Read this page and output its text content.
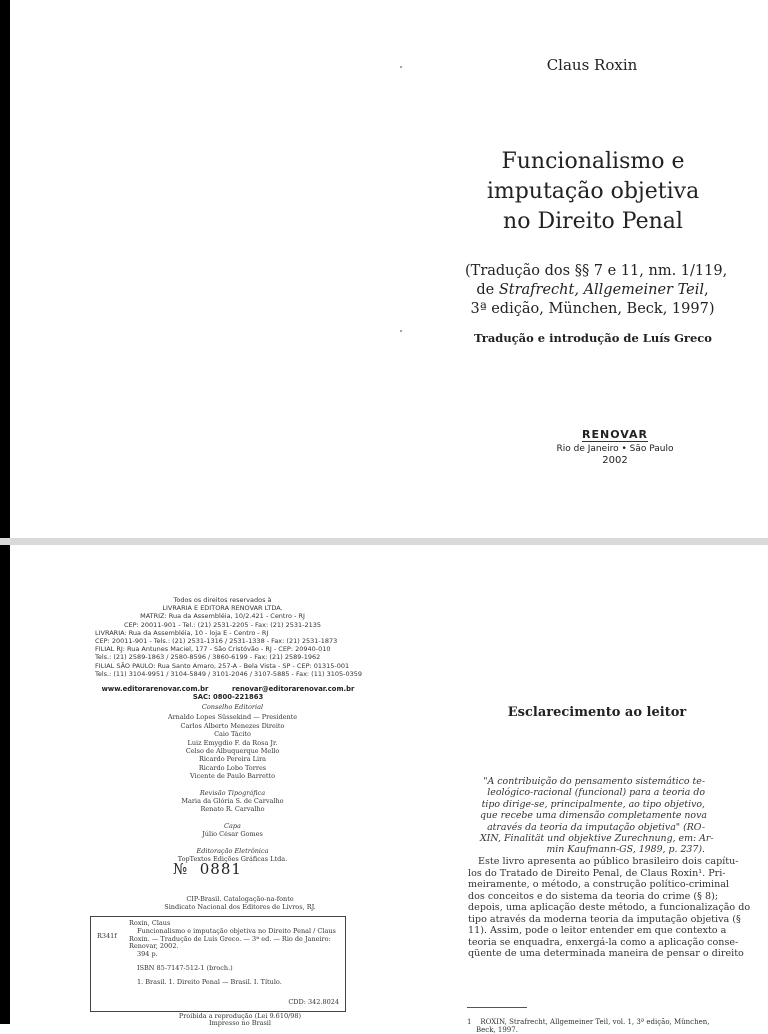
Claus Roxin
Funcionalismo e
imputação objetiva
no Direito Penal
(Tradução dos §§ 7 e 11, nm. 1/119,
de Strafrecht, Allgemeiner Teil,
3ª edição, München, Beck, 1997)
Tradução e introdução de Luís Greco
RENOVAR
Rio de Janeiro • São Paulo
2002
Todos os direitos reservados à
LIVRARIA E EDITORA RENOVAR LTDA.
MATRIZ: Rua da Assembléia, 10/2.421 - Centro - RJ
CEP: 20011-901 - Tel.: (21) 2531-2205 - Fax: (21) 2531-2135
LIVRARIA: Rua da Assembléia, 10 - loja E - Centro - RJ
CEP: 20011-901 - Tels.: (21) 2531-1316 / 2531-1338 - Fax: (21) 2531-1873
FILIAL RJ: Rua Antunes Maciel, 177 - São Cristóvão - RJ - CEP: 20940-010
Tels.: (21) 2589-1863 / 2580-8596 / 3860-6199 - Fax: (21) 2589-1962
FILIAL SÃO PAULO: Rua Santo Amaro, 257-A - Bela Vista - SP - CEP: 01315-001
Tels.: (11) 3104-9951 / 3104-5849 / 3101-2046 / 3107-5885 - Fax: (11) 3105-0359
www.editorarenovar.com.br          renovar@editorarenovar.com.br
SAC: 0800-221863
Conselho Editorial
Arnaldo Lopes Süssekind — Presidente
Carlos Alberto Menezes Direito
Caio Tácito
Luiz Emygdio F. da Rosa Jr.
Celso de Albuquerque Mello
Ricardo Pereira Lira
Ricardo Lobo Torres
Vicente de Paulo Barretto
Revisão Tipográfica
Maria da Glória S. de Carvalho
Renato R. Carvalho
Capa
Júlio César Gomes
Editoração Eletrônica
TopTextos Edições Gráficas Ltda.
№  0881
CIP-Brasil. Catalogação-na-fonte
Sindicato Nacional dos Editores de Livros, RJ.
R341f
Roxin, Claus
Funcionalismo e imputação objetiva no Direito Penal / Claus Roxin. — Tradução de Luís Greco. — 3ª ed. — Rio de Janeiro: Renovar, 2002.
394 p.
ISBN 85-7147-512-1 (broch.)
1. Brasil. 1. Direito Penal — Brasil. I. Título.
CDD: 342.8024
Proibida a reprodução (Lei 9.610/98)
Impresso no Brasil
Esclarecimento ao leitor
"A contribuição do pensamento sistemático te-
leológico-racional (funcional) para a teoria do
tipo dirige-se, principalmente, ao tipo objetivo,
que recebe uma dimensão completamente nova
através da teoria da imputação objetiva" (RO-
XIN, Finalität und objektive Zurechnung, em: Ar-
min Kaufmann-GS, 1989, p. 237).
Este livro apresenta ao público brasileiro dois capítu-
los do Tratado de Direito Penal, de Claus Roxin¹. Pri-
meiramente, o método, a construção político-criminal
dos conceitos e do sistema da teoria do crime (§ 8);
depois, uma aplicação deste método, a funcionalização do
tipo através da moderna teoria da imputação objetiva (§
11). Assim, pode o leitor entender em que contexto a
teoria se enquadra, enxergá-la como a aplicação conse-
qüente de uma determinada maneira de pensar o direito
1    ROXIN, Strafrecht, Allgemeiner Teil, vol. 1, 3ª edição, München,
Beck, 1997.
